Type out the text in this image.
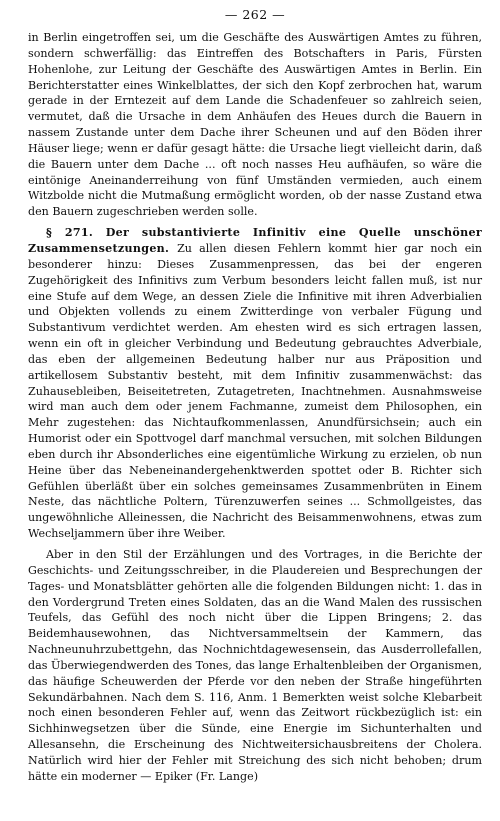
— 262 —

in Berlin eingetroffen sei, um die Geschäfte des Auswärtigen Amtes zu führen, sondern schwerfällig: das Eintreffen des Botschafters in Paris, Fürsten Hohenlohe, zur Leitung der Geschäfte des Auswärtigen Amtes in Berlin. Ein Berichterstatter eines Winkelblattes, der sich den Kopf zerbrochen hat, warum gerade in der Erntezeit auf dem Lande die Schadenfeuer so zahlreich seien, vermutet, daß die Ursache in dem Anhäufen des Heues durch die Bauern in nassem Zustande unter dem Dache ihrer Scheunen und auf den Böden ihrer Häuser liege; wenn er dafür gesagt hätte: die Ursache liegt vielleicht darin, daß die Bauern unter dem Dache ... oft noch nasses Heu aufhäufen, so wäre die eintönige Aneinanderreihung von fünf Umständen vermieden, auch einem Witzbolde nicht die Mutmaßung ermöglicht worden, ob der nasse Zustand etwa den Bauern zugeschrieben werden solle.

§ 271. Der substantivierte Infinitiv eine Quelle unschöner Zusammensetzungen. Zu allen diesen Fehlern kommt hier gar noch ein besonderer hinzu: Dieses Zusammenpressen, das bei der engeren Zugehörigkeit des Infinitivs zum Verbum besonders leicht fallen muß, ist nur eine Stufe auf dem Wege, an dessen Ziele die Infinitive mit ihren Adverbialien und Objekten vollends zu einem Zwitterdinge von verbaler Fügung und Substantivum verdichtet werden. Am ehesten wird es sich ertragen lassen, wenn ein oft in gleicher Verbindung und Bedeutung gebrauchtes Adverbiale, das eben der allgemeinen Bedeutung halber nur aus Präposition und artikellosem Substantiv besteht, mit dem Infinitiv zusammenwächst: das Zuhausebleiben, Beiseitetreten, Zutagetreten, Inachtnehmen. Ausnahmsweise wird man auch dem oder jenem Fachmanne, zumeist dem Philosophen, ein Mehr zugestehen: das Nichtaufkommenlassen, Anundfürsichsein; auch ein Humorist oder ein Spottvogel darf manchmal versuchen, mit solchen Bildungen eben durch ihr Absonderliches eine eigentümliche Wirkung zu erzielen, ob nun Heine über das Nebeneinandergehenktwerden spottet oder B. Richter sich Gefühlen überläßt über ein solches gemeinsames Zusammenbrüten in Einem Neste, das nächtliche Poltern, Türenzuwerfen seines ... Schmollgeistes, das ungewöhnliche Alleinessen, die Nachricht des Beisammenwohnens, etwas zum Wechseljammern über ihre Weiber.

Aber in den Stil der Erzählungen und des Vortrages, in die Berichte der Geschichts- und Zeitungsschreiber, in die Plaudereien und Besprechungen der Tages- und Monatsblätter gehörten alle die folgenden Bildungen nicht: 1. das in den Vordergrund Treten eines Soldaten, das an die Wand Malen des russischen Teufels, das Gefühl des noch nicht über die Lippen Bringens; 2. das Beidemhausewohnen, das Nichtversammeltsein der Kammern, das Nachneunuhrzubettgehn, das Nochnichtdagewesensein, das Ausderrollefallen, das Überwiegendwerden des Tones, das lange Erhaltenbleiben der Organismen, das häufige Scheuwerden der Pferde vor den neben der Straße hingeführten Sekundärbahnen. Nach dem S. 116, Anm. 1 Bemerkten weist solche Klebarbeit noch einen besonderen Fehler auf, wenn das Zeitwort rückbezüglich ist: ein Sichhinwegsetzen über die Sünde, eine Energie im Sichunterhalten und Allesansehn, die Erscheinung des Nichtweitersichausbreitens der Cholera. Natürlich wird hier der Fehler mit Streichung des sich nicht behoben; drum hätte ein moderner — Epiker (Fr. Lange)
